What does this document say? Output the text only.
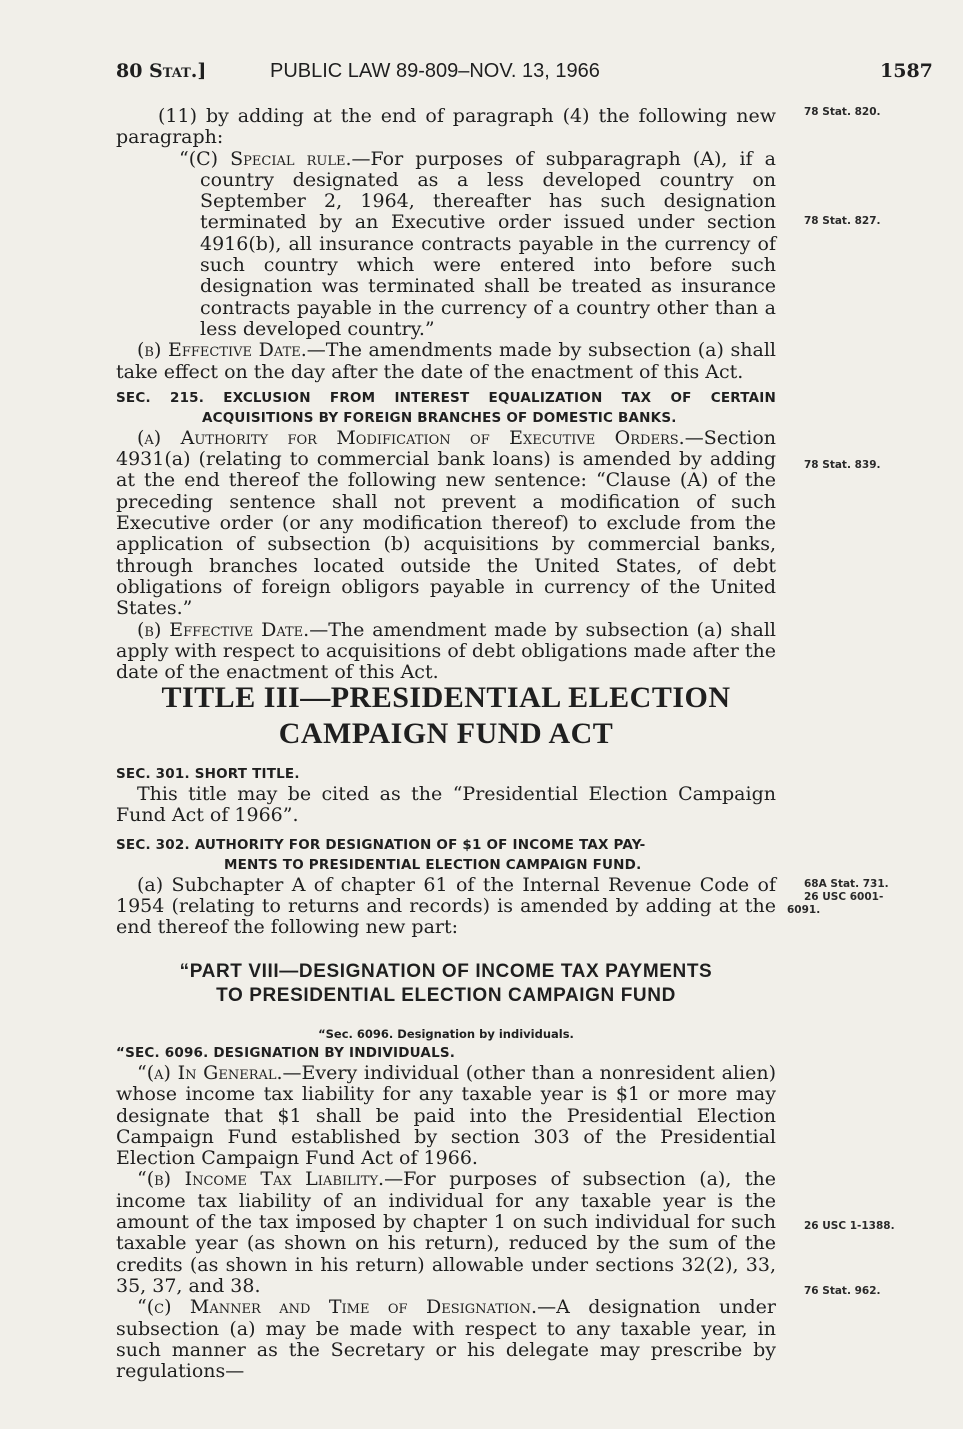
80 Stat.]	PUBLIC LAW 89-809–NOV. 13, 1966	1587
78 Stat. 820.
78 Stat. 827.
78 Stat. 839.
68A Stat. 731.
26 USC 6001-
6091.
26 USC 1-1388.
76 Stat. 962.

(11) by adding at the end of paragraph (4) the following new paragraph:

“(C) Special rule.—For purposes of subparagraph (A), if a country designated as a less developed country on September 2, 1964, thereafter has such designation terminated by an Executive order issued under section 4916(b), all insurance contracts payable in the currency of such country which were entered into before such designation was terminated shall be treated as insurance contracts payable in the currency of a country other than a less developed country.”

(b) Effective Date.—The amendments made by subsection (a) shall take effect on the day after the date of the enactment of this Act.

SEC. 215. EXCLUSION FROM INTEREST EQUALIZATION TAX OF CERTAIN ACQUISITIONS BY FOREIGN BRANCHES OF DOMESTIC BANKS.

(a) Authority for Modification of Executive Orders.—Section 4931(a) (relating to commercial bank loans) is amended by adding at the end thereof the following new sentence: “Clause (A) of the preceding sentence shall not prevent a modification of such Executive order (or any modification thereof) to exclude from the application of subsection (b) acquisitions by commercial banks, through branches located outside the United States, of debt obligations of foreign obligors payable in currency of the United States.”

(b) Effective Date.—The amendment made by subsection (a) shall apply with respect to acquisitions of debt obligations made after the date of the enactment of this Act.

TITLE III—PRESIDENTIAL ELECTION
CAMPAIGN FUND ACT

SEC. 301. SHORT TITLE.

This title may be cited as the “Presidential Election Campaign Fund Act of 1966”.

SEC. 302. AUTHORITY FOR DESIGNATION OF $1 OF INCOME TAX PAY-
MENTS TO PRESIDENTIAL ELECTION CAMPAIGN FUND.

(a) Subchapter A of chapter 61 of the Internal Revenue Code of 1954 (relating to returns and records) is amended by adding at the end thereof the following new part:

“PART VIII—DESIGNATION OF INCOME TAX PAYMENTS
TO PRESIDENTIAL ELECTION CAMPAIGN FUND

“Sec. 6096. Designation by individuals.

“SEC. 6096. DESIGNATION BY INDIVIDUALS.

“(a) In General.—Every individual (other than a nonresident alien) whose income tax liability for any taxable year is $1 or more may designate that $1 shall be paid into the Presidential Election Campaign Fund established by section 303 of the Presidential Election Campaign Fund Act of 1966.

“(b) Income Tax Liability.—For purposes of subsection (a), the income tax liability of an individual for any taxable year is the amount of the tax imposed by chapter 1 on such individual for such taxable year (as shown on his return), reduced by the sum of the credits (as shown in his return) allowable under sections 32(2), 33, 35, 37, and 38.

“(c) Manner and Time of Designation.—A designation under subsection (a) may be made with respect to any taxable year, in such manner as the Secretary or his delegate may prescribe by regulations—
